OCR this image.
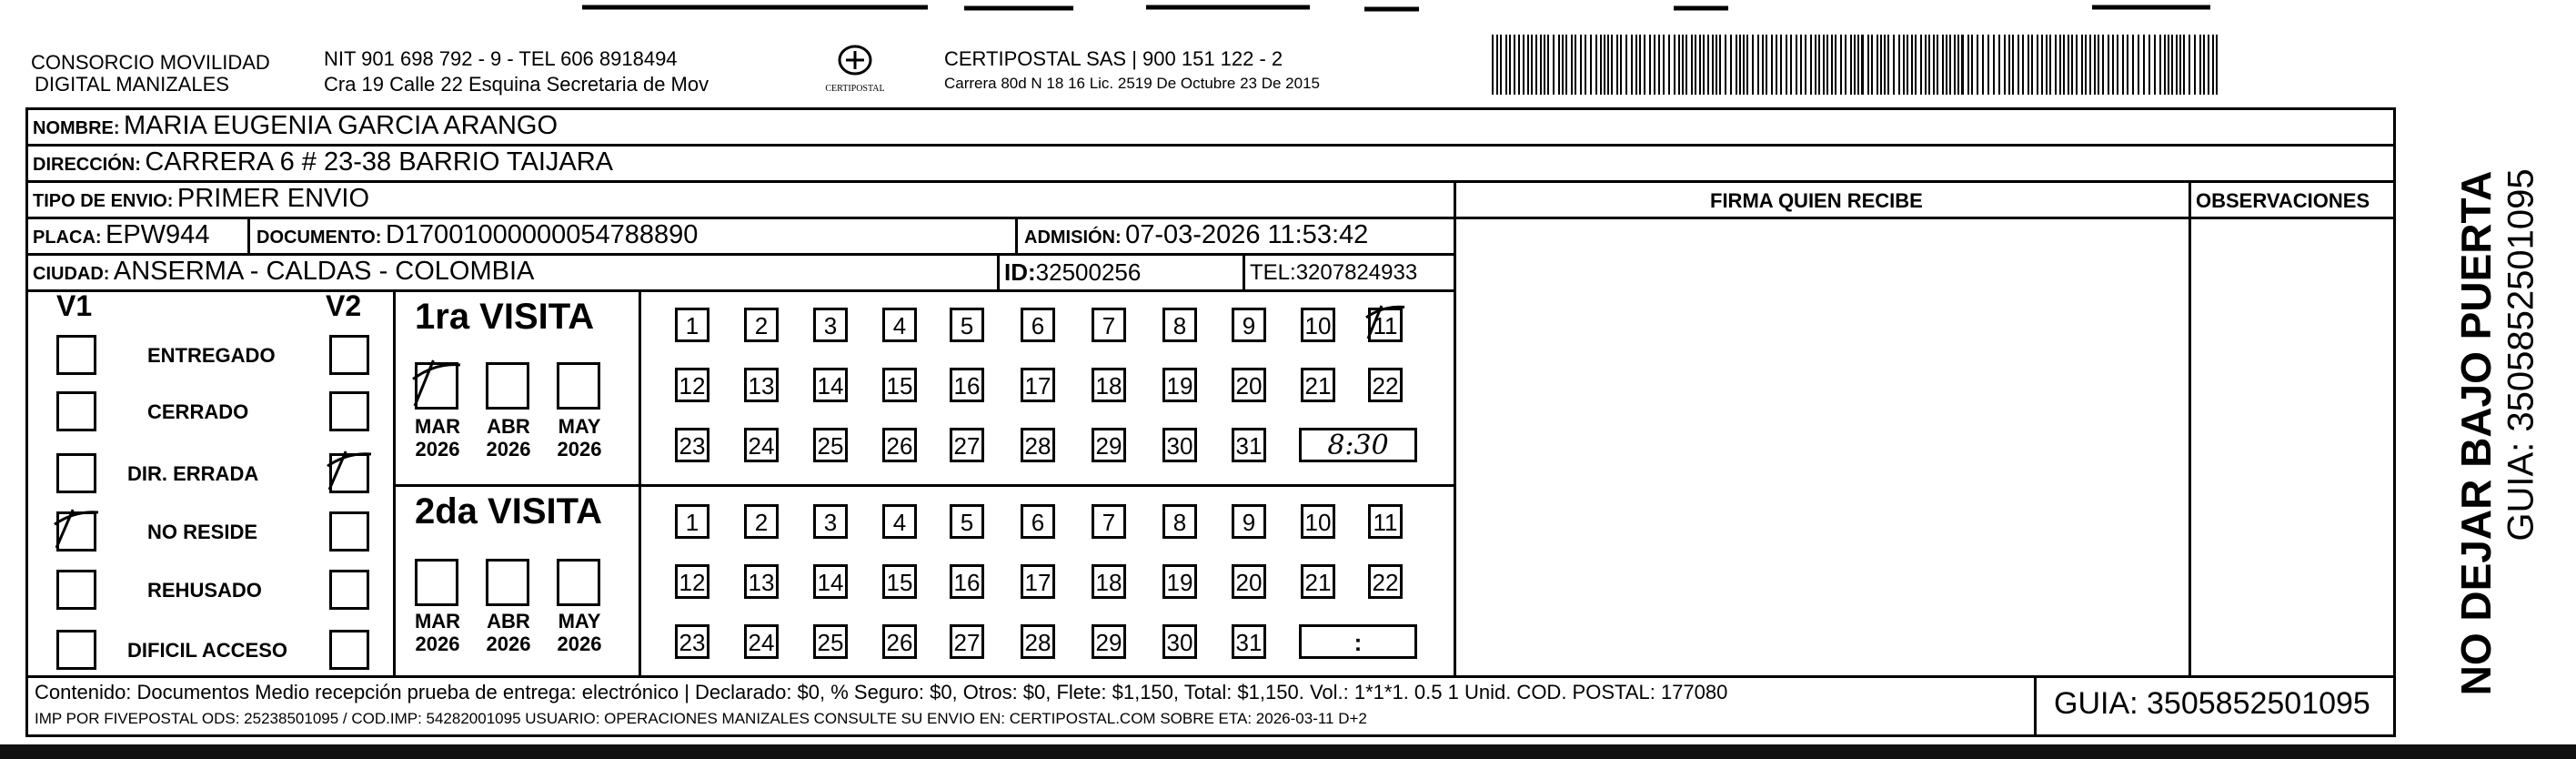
CONSORCIO MOVILIDAD
DIGITAL MANIZALES
NIT 901 698 792 - 9 - TEL 606 8918494
Cra 19 Calle 22 Esquina Secretaria de Mov	CERTIPOSTAL
CERTIPOSTAL SAS | 900 151 122 - 2
Carrera 80d N 18 16 Lic. 2519 De Octubre 23 De 2015
NOMBRE: MARIA EUGENIA GARCIA ARANGO
DIRECCIÓN: CARRERA 6 # 23-38 BARRIO TAIJARA
TIPO DE ENVIO: PRIMER ENVIO	FIRMA QUIEN RECIBE	OBSERVACIONES
PLACA: EPW944	DOCUMENTO: D17001000000054788890	ADMISIÓN: 07-03-2026 11:53:42
CIUDAD: ANSERMA - CALDAS - COLOMBIA	ID:32500256	TEL:3207824933
V1	V2
ENTREGADO
CERRADO
DIR. ERRADA
NO RESIDE
REHUSADO
DIFICIL ACCESO
1ra VISITA
2da VISITA
MAR
2026
ABR
2026
MAY
2026
MAR
2026
ABR
2026
MAY
2026
1	2	3	4	5	6	7	8	9	10 11
12 13 14 15 16 17 18 19 20 21 22
23 24 25 26 27 28 29 30 31	8:30
1	2	3	4	5	6	7	8	9	10 11
12 13 14 15 16 17 18 19 20 21 22
23 24 25 26 27 28 29 30 31	:
Contenido: Documentos Medio recepción prueba de entrega: electrónico | Declarado: $0, % Seguro: $0, Otros: $0, Flete: $1,150, Total: $1,150. Vol.: 1*1*1. 0.5 1 Unid. COD. POSTAL: 177080
IMP POR FIVEPOSTAL ODS: 25238501095 / COD.IMP: 54282001095 USUARIO: OPERACIONES MANIZALES CONSULTE SU ENVIO EN: CERTIPOSTAL.COM SOBRE ETA: 2026-03-11 D+2	GUIA: 3505852501095
NO DEJAR BAJO PUERTA GUIA: 3505852501095
